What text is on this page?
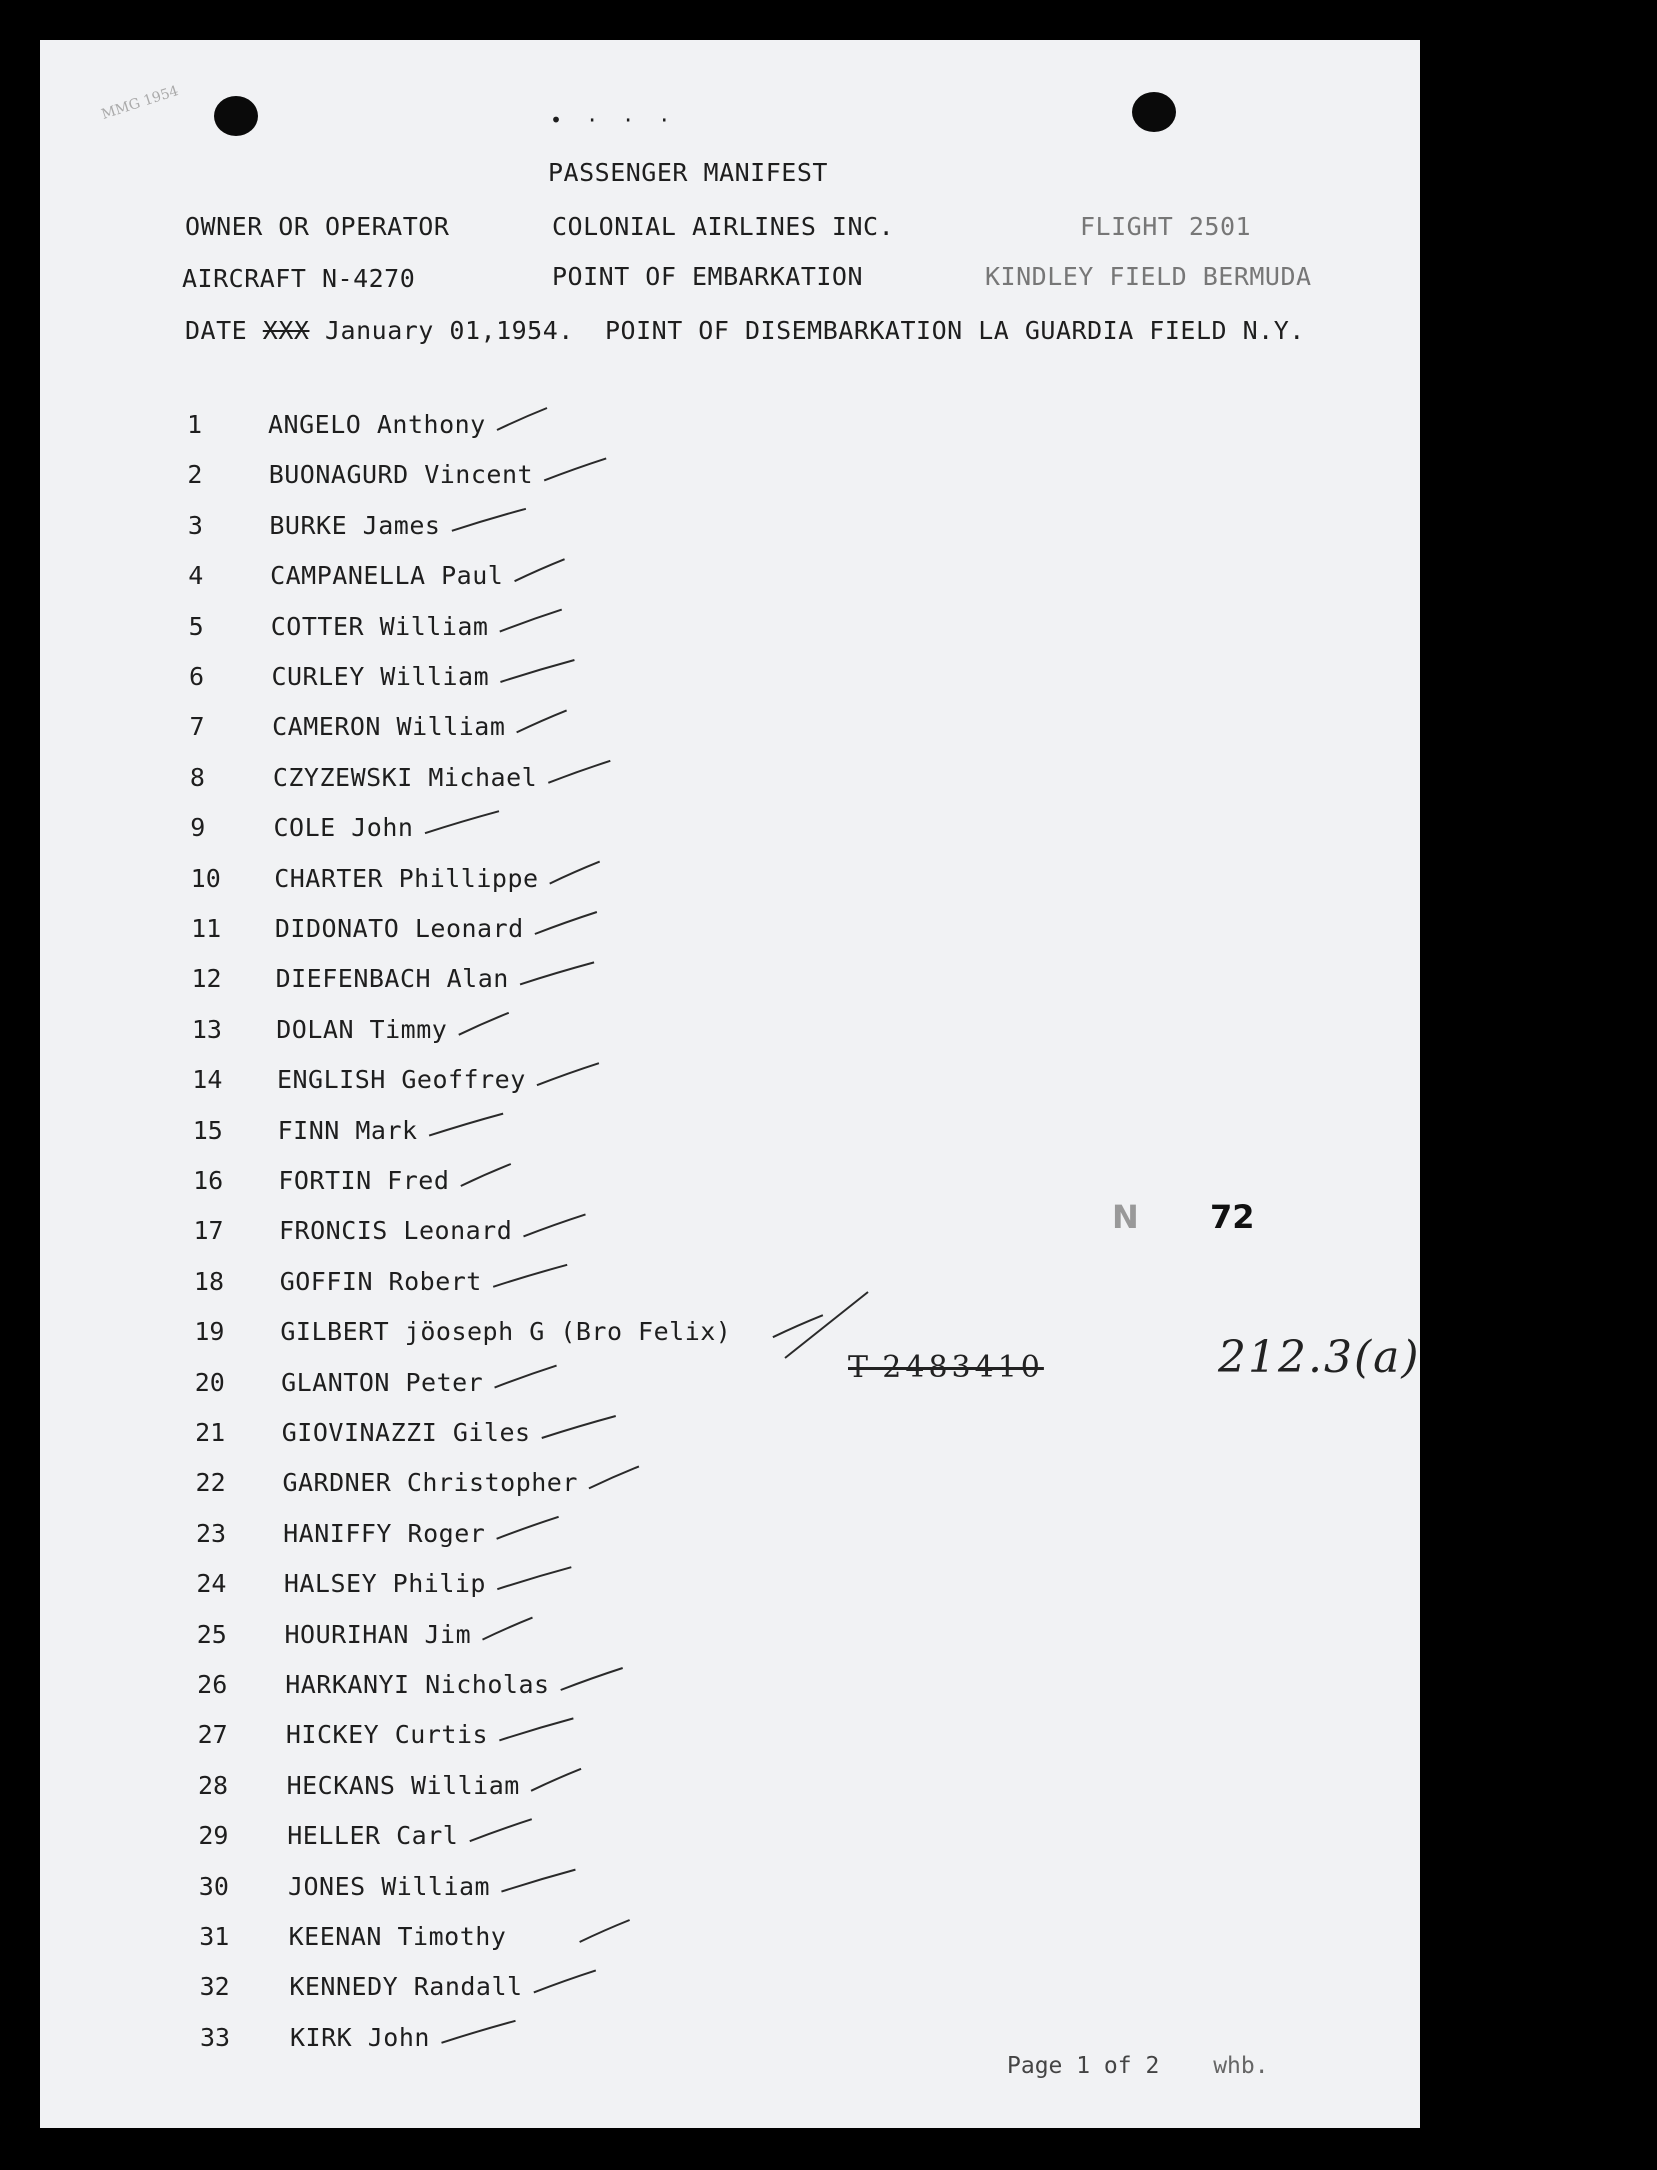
MMG 1954	• · · ·
PASSENGER MANIFEST
OWNER OR OPERATOR	COLONIAL AIRLINES INC.	FLIGHT 2501
AIRCRAFT N-4270	POINT OF EMBARKATION	KINDLEY FIELD BERMUDA
DATE XXX January 01,1954. POINT OF DISEMBARKATION LA GUARDIA FIELD N.Y.
1	ANGELO Anthony
2	BUONAGURD Vincent
3	BURKE James
4	CAMPANELLA Paul
5	COTTER William
6	CURLEY William
7	CAMERON William
8	CZYZEWSKI Michael
9	COLE John
10 CHARTER Phillippe
11 DIDONATO Leonard
12 DIEFENBACH Alan
13 DOLAN Timmy
14 ENGLISH Geoffrey
15 FINN Mark
16 FORTIN Fred
17 FRONCIS Leonard
18 GOFFIN Robert
19 GILBERT jöoseph G (Bro Felix)
20 GLANTON Peter
21 GIOVINAZZI Giles
22 GARDNER Christopher
23 HANIFFY Roger
24 HALSEY Philip
25 HOURIHAN Jim
26 HARKANYI Nicholas
27 HICKEY Curtis
28 HECKANS William
29 HELLER Carl
30 JONES William
31 KEENAN Timothy
32 KENNEDY Randall
33 KIRK John
N 72
T-2483410	212.3(a)
Page 1 of 2 whb.
